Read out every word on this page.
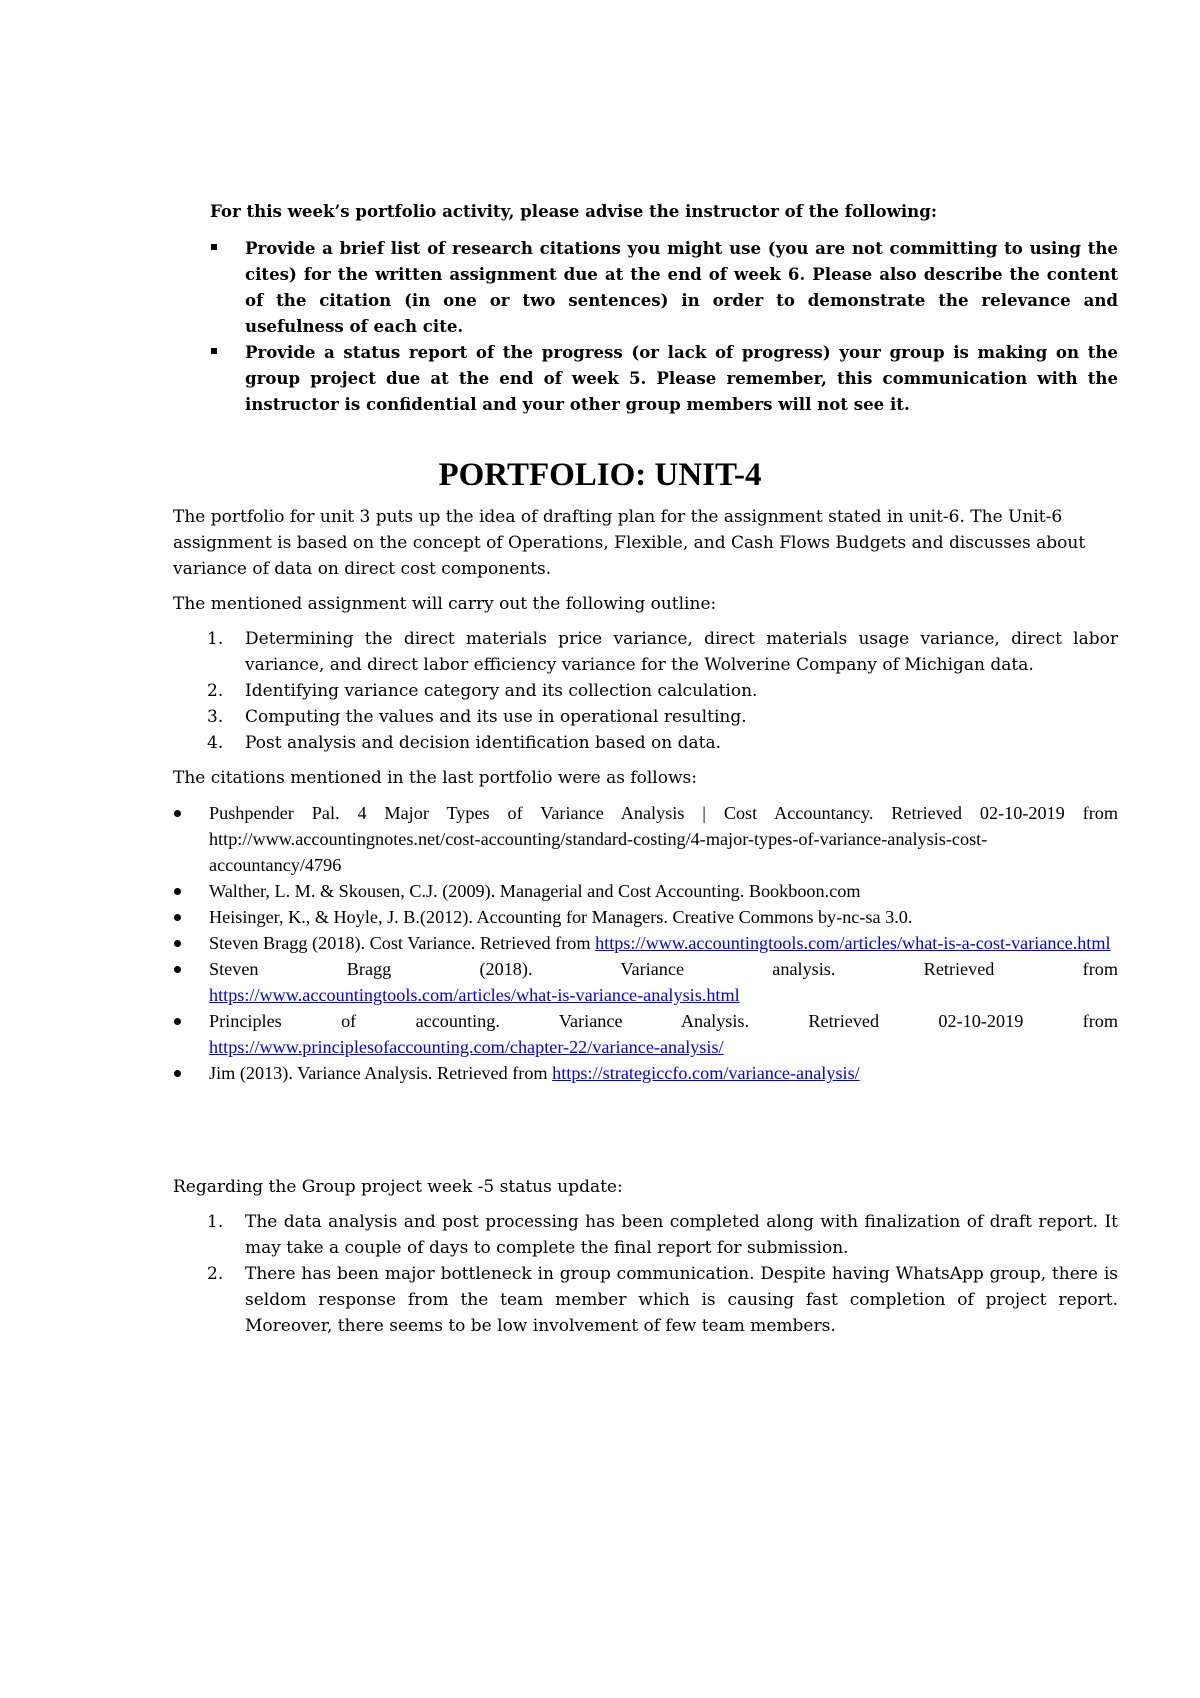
For this week’s portfolio activity, please advise the instructor of the following:

Provide a brief list of research citations you might use (you are not committing to using the cites) for the written assignment due at the end of week 6. Please also describe the content of the citation (in one or two sentences) in order to demonstrate the relevance and usefulness of each cite.
Provide a status report of the progress (or lack of progress) your group is making on the group project due at the end of week 5. Please remember, this communication with the instructor is confidential and your other group members will not see it.
PORTFOLIO: UNIT-4

The portfolio for unit 3 puts up the idea of drafting plan for the assignment stated in unit-6. The Unit-6 assignment is based on the concept of Operations, Flexible, and Cash Flows Budgets and discusses about variance of data on direct cost components.

The mentioned assignment will carry out the following outline:

1. Determining the direct materials price variance, direct materials usage variance, direct labor variance, and direct labor efficiency variance for the Wolverine Company of Michigan data.
2. Identifying variance category and its collection calculation.
3. Computing the values and its use in operational resulting.
4. Post analysis and decision identification based on data.

The citations mentioned in the last portfolio were as follows:

Pushpender Pal. 4 Major Types of Variance Analysis | Cost Accountancy. Retrieved 02-10-2019 from http://www.accountingnotes.net/cost-accounting/standard-costing/4-major-types-of-variance-analysis-cost-accountancy/4796
Walther, L. M. & Skousen, C.J. (2009). Managerial and Cost Accounting. Bookboon.com
Heisinger, K., & Hoyle, J. B.(2012). Accounting for Managers. Creative Commons by-nc-sa 3.0.
Steven Bragg (2018). Cost Variance. Retrieved from https://www.accountingtools.com/articles/what-is-a-cost-variance.html
Steven Bragg (2018). Variance analysis. Retrieved from
https://www.accountingtools.com/articles/what-is-variance-analysis.html
Principles of accounting. Variance Analysis. Retrieved 02-10-2019 from
https://www.principlesofaccounting.com/chapter-22/variance-analysis/
Jim (2013). Variance Analysis. Retrieved from https://strategiccfo.com/variance-analysis/

Regarding the Group project week -5 status update:

1. The data analysis and post processing has been completed along with finalization of draft report. It may take a couple of days to complete the final report for submission.
2. There has been major bottleneck in group communication. Despite having WhatsApp group, there is seldom response from the team member which is causing fast completion of project report. Moreover, there seems to be low involvement of few team members.
